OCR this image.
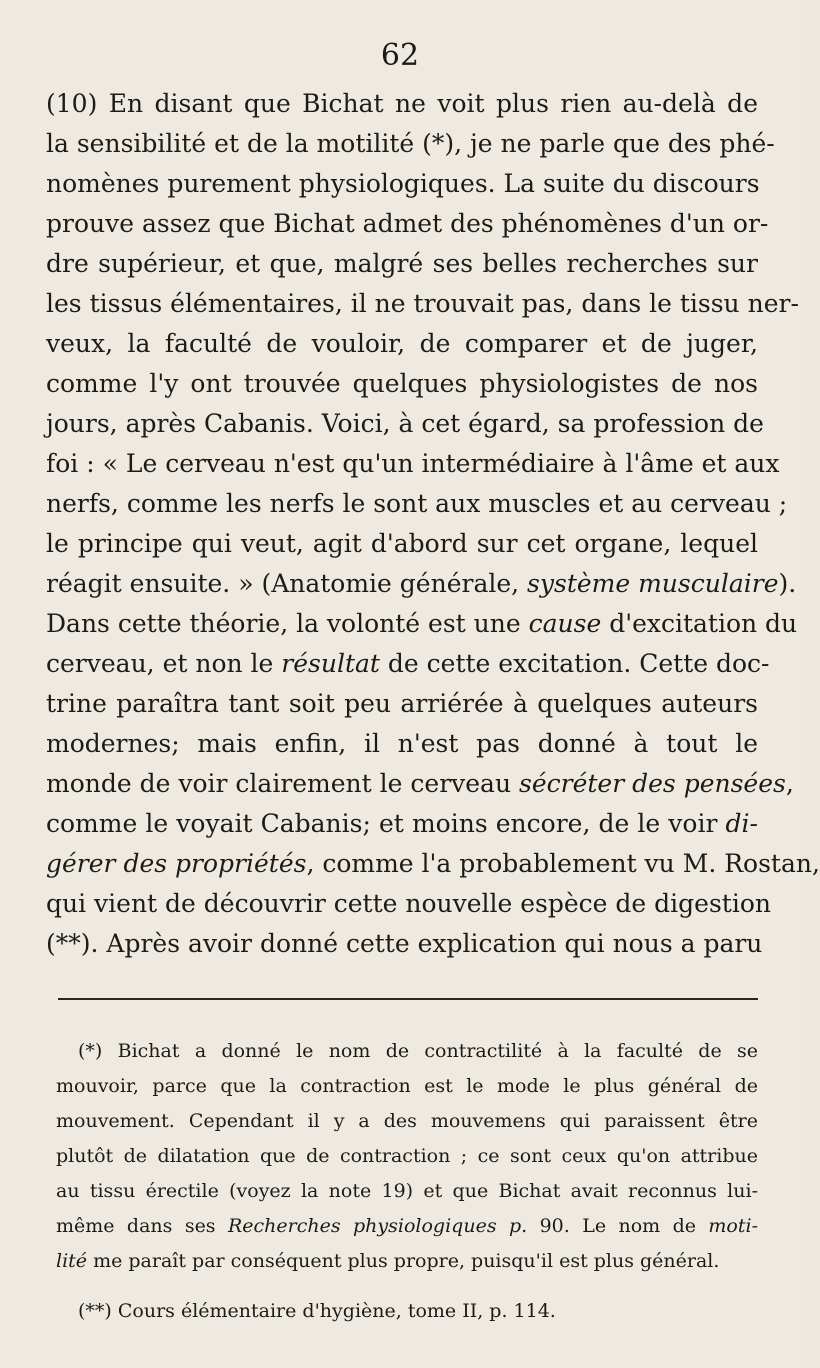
62
(10) En disant que Bichat ne voit plus rien au-delà de
la sensibilité et de la motilité (*), je ne parle que des phé-
nomènes purement physiologiques. La suite du discours
prouve assez que Bichat admet des phénomènes d'un or-
dre supérieur, et que, malgré ses belles recherches sur
les tissus élémentaires, il ne trouvait pas, dans le tissu ner-
veux, la faculté de vouloir, de comparer et de juger,
comme l'y ont trouvée quelques physiologistes de nos
jours, après Cabanis. Voici, à cet égard, sa profession de
foi : « Le cerveau n'est qu'un intermédiaire à l'âme et aux
nerfs, comme les nerfs le sont aux muscles et au cerveau ;
le principe qui veut, agit d'abord sur cet organe, lequel
réagit ensuite. » (Anatomie générale, système musculaire).
Dans cette théorie, la volonté est une cause d'excitation du
cerveau, et non le résultat de cette excitation. Cette doc-
trine paraîtra tant soit peu arriérée à quelques auteurs
modernes; mais enfin, il n'est pas donné à tout le
monde de voir clairement le cerveau sécréter des pensées,
comme le voyait Cabanis; et moins encore, de le voir di-
gérer des propriétés, comme l'a probablement vu M. Rostan,
qui vient de découvrir cette nouvelle espèce de digestion
(**). Après avoir donné cette explication qui nous a paru
(*) Bichat a donné le nom de contractilité à la faculté de se
mouvoir, parce que la contraction est le mode le plus général de
mouvement. Cependant il y a des mouvemens qui paraissent être
plutôt de dilatation que de contraction ; ce sont ceux qu'on attribue
au tissu érectile (voyez la note 19) et que Bichat avait reconnus lui-
même dans ses Recherches physiologiques p. 90. Le nom de moti-
lité me paraît par conséquent plus propre, puisqu'il est plus général.
(**) Cours élémentaire d'hygiène, tome II, p. 114.
